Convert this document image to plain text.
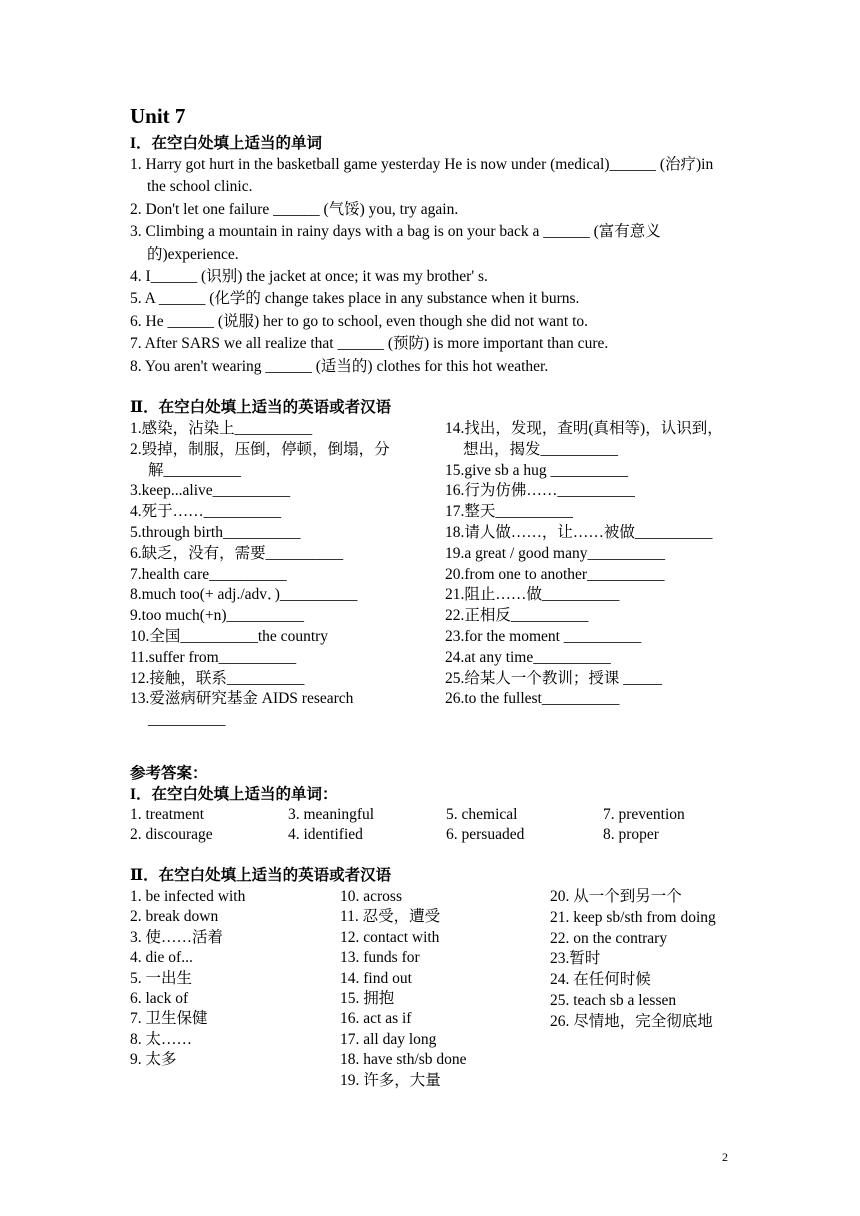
Unit 7
I．在空白处填上适当的单词
1. Harry got hurt in the basketball game yesterday He is now under (medical)______ (治疗)in the school clinic.
2. Don't let one failure ______ (气馁) you, try again.
3. Climbing a mountain in rainy days with a bag is on your back a ______ (富有意义的)experience.
4. I______ (识别) the jacket at once; it was my brother' s.
5. A ______ (化学的 change takes place in any substance when it burns.
6. He ______ (说服) her to go to school, even though she did not want to.
7. After SARS we all realize that ______ (预防) is more important than cure.
8. You aren't wearing ______ (适当的) clothes for this hot weather.
Ⅱ．在空白处填上适当的英语或者汉语
1.感染，沾染上__________
2.毁掉，制服，压倒，停顿，倒塌，分解__________
3.keep...alive__________
4.死于……__________
5.through birth__________
6.缺乏，没有，需要__________
7.health care__________
8.much too(+ adj./adv．)__________
9.too much(+n)__________
10.全国__________the country
11.suffer from__________
12.接触，联系__________
13.爱滋病研究基金 AIDS research __________
14.找出，发现，查明(真相等)，认识到，想出，揭发__________
15.give sb a hug __________
16.行为仿佛……__________
17.整天__________
18.请人做……，让……被做__________
19.a great / good many__________
20.from one to another__________
21.阻止……做__________
22.正相反__________
23.for the moment __________
24.at any time__________
25.给某人一个教训；授课 _____
26.to the fullest__________
参考答案：
I．在空白处填上适当的单词：
1. treatment
2. discourage
3. meaningful
4. identified
5. chemical
6. persuaded
7. prevention
8. proper
Ⅱ．在空白处填上适当的英语或者汉语
1. be infected with
2. break down
3. 使……活着
4. die of...
5. 一出生
6. lack of
7. 卫生保健
8. 太……
9. 太多
10. across
11. 忍受，遭受
12. contact with
13. funds for
14. find out
15. 拥抱
16. act as if
17. all day long
18. have sth/sb done
19. 许多，大量
20. 从一个到另一个
21. keep sb/sth from doing
22. on the contrary
23.暂时
24. 在任何时候
25. teach sb a lessen
26. 尽情地，完全彻底地
2
